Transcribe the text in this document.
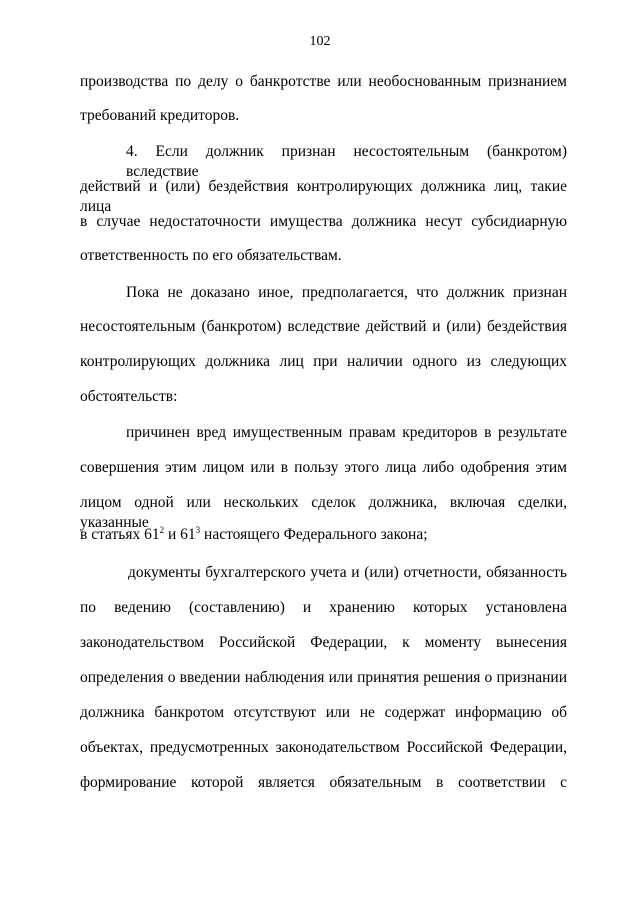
102
производства по делу о банкротстве или необоснованным признанием
требований кредиторов.
4. Если должник признан несостоятельным (банкротом) вследствие
действий и (или) бездействия контролирующих должника лиц, такие лица
в случае недостаточности имущества должника несут субсидиарную
ответственность по его обязательствам.
Пока не доказано иное, предполагается, что должник признан
несостоятельным (банкротом) вследствие действий и (или) бездействия
контролирующих должника лиц при наличии одного из следующих
обстоятельств:
причинен вред имущественным правам кредиторов в результате
совершения этим лицом или в пользу этого лица либо одобрения этим
лицом одной или нескольких сделок должника, включая сделки, указанные
в статьях $61^2$ и $61^3$ настоящего Федерального закона;
документы бухгалтерского учета и (или) отчетности, обязанность
по ведению (составлению) и хранению которых установлена
законодательством Российской Федерации, к моменту вынесения
определения о введении наблюдения или принятия решения о признании
должника банкротом отсутствуют или не содержат информацию об
объектах, предусмотренных законодательством Российской Федерации,
формирование которой является обязательным в соответствии с
